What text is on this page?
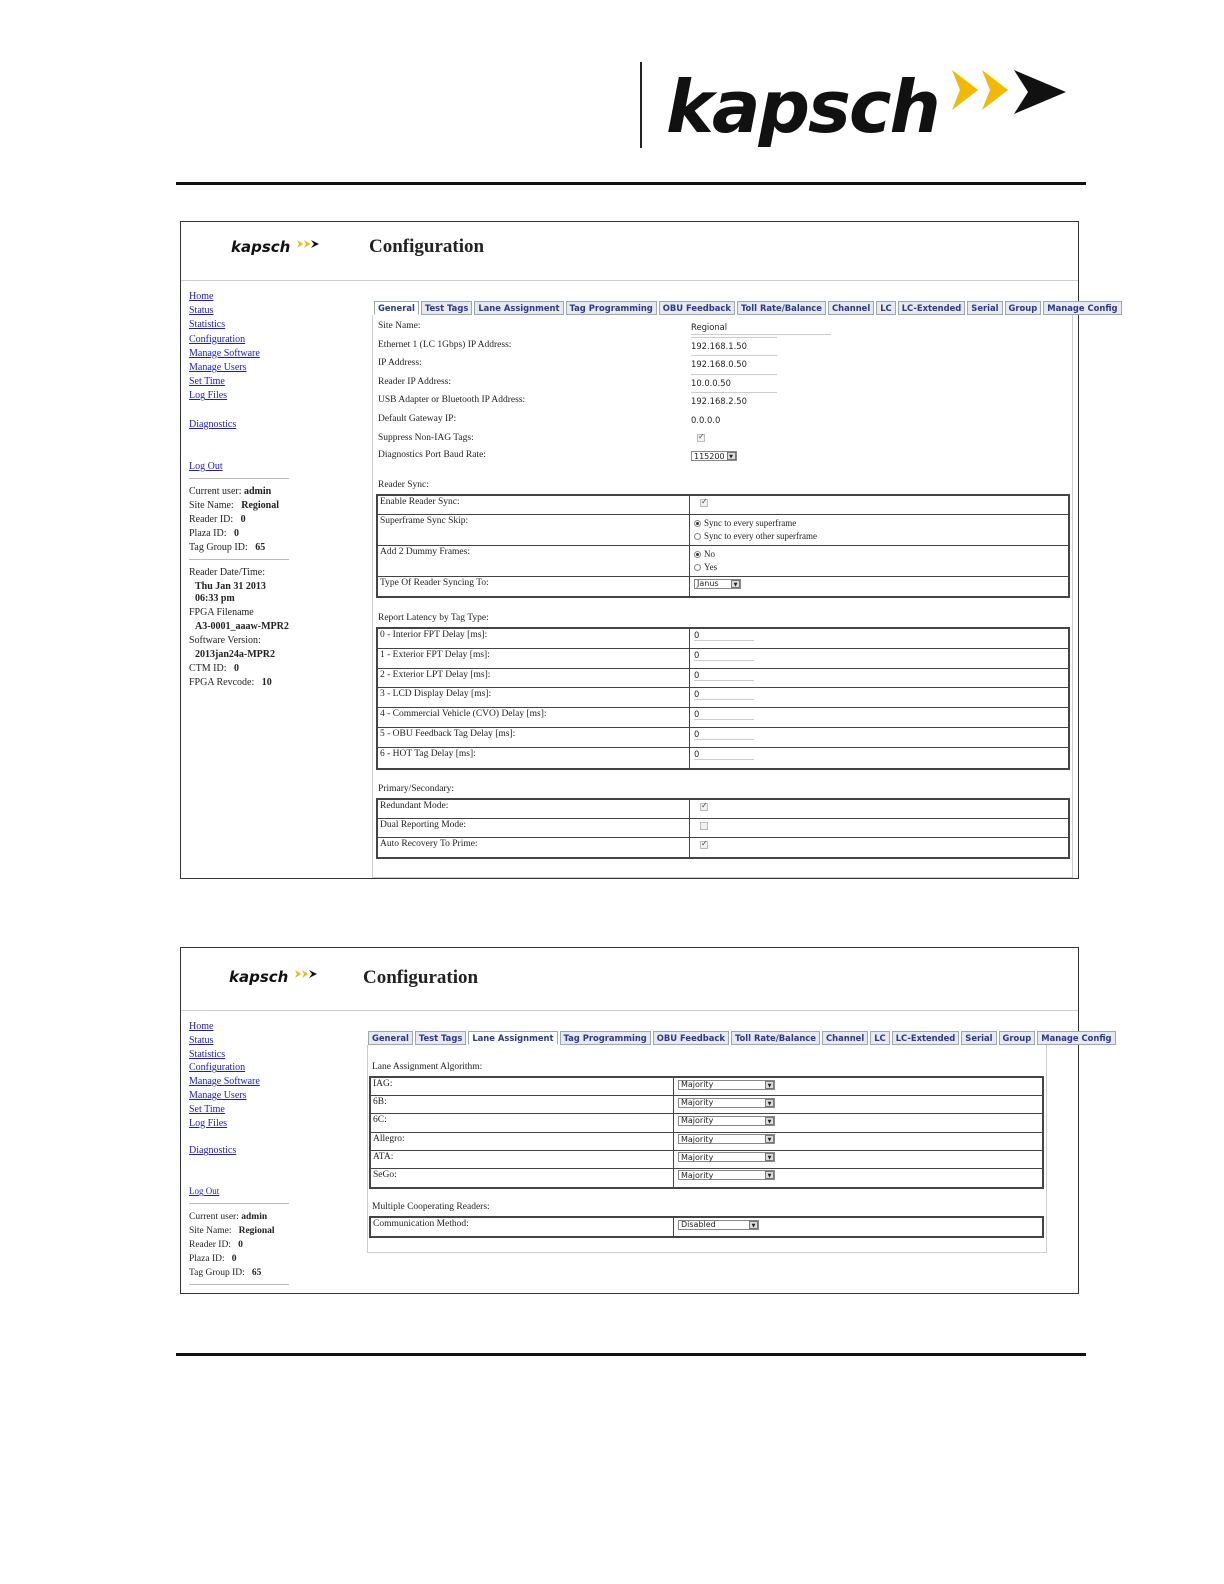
kapsch
kapsch	Configuration
Home
Status
Statistics
Configuration
Manage Software
Manage Users
Set Time
Log Files
Diagnostics
Log Out
Current user: admin
Site Name: Regional
Reader ID: 0
Plaza ID: 0
Tag Group ID: 65
Reader Date/Time:
Thu Jan 31 2013
06:33 pm
FPGA Filename
A3-0001_aaaw-MPR2
Software Version:
2013jan24a-MPR2
CTM ID: 0
FPGA Revcode: 10
General	Test Tags	Lane Assignment	Tag Programming	OBU Feedback	Toll Rate/Balance	Channel	LC	LC-Extended	Serial	Group	Manage Config
Site Name:	Regional
Ethernet 1 (LC 1Gbps) IP Address:	192.168.1.50
IP Address:	192.168.0.50
Reader IP Address:	10.0.0.50
USB Adapter or Bluetooth IP Address:	192.168.2.50
Default Gateway IP:	0.0.0.0
Suppress Non-IAG Tags:
✓
Diagnostics Port Baud Rate:	115200 ▼
Reader Sync:
Enable Reader Sync:
✓
Superframe Sync Skip:	Sync to every superframe
Sync to every other superframe
Add 2 Dummy Frames:	No
Yes
Type Of Reader Syncing To:	Janus	▼
Report Latency by Tag Type:
0 - Interior FPT Delay [ms]:	0
1 - Exterior FPT Delay [ms]:	0
2 - Exterior LPT Delay [ms]:	0
3 - LCD Display Delay [ms]:	0
4 - Commercial Vehicle (CVO) Delay [ms]:	0
5 - OBU Feedback Tag Delay [ms]:	0
6 - HOT Tag Delay [ms]:	0
Primary/Secondary:
Redundant Mode:
✓
Dual Reporting Mode:
Auto Recovery To Prime:
✓
kapsch	Configuration
Home
Status
Statistics
Configuration
Manage Software
Manage Users
Set Time
Log Files
Diagnostics
Log Out
Current user: admin
Site Name: Regional
Reader ID: 0
Plaza ID: 0
Tag Group ID: 65
General	Test Tags	Lane Assignment	Tag Programming	OBU Feedback	Toll Rate/Balance	Channel	LC	LC-Extended	Serial	Group	Manage Config
Lane Assignment Algorithm:
IAG:	Majority	▼
6B:	Majority	▼
6C:	Majority	▼
Allegro:	Majority	▼
ATA:	Majority	▼
SeGo:	Majority	▼
Multiple Cooperating Readers:
Communication Method:	Disabled	▼
